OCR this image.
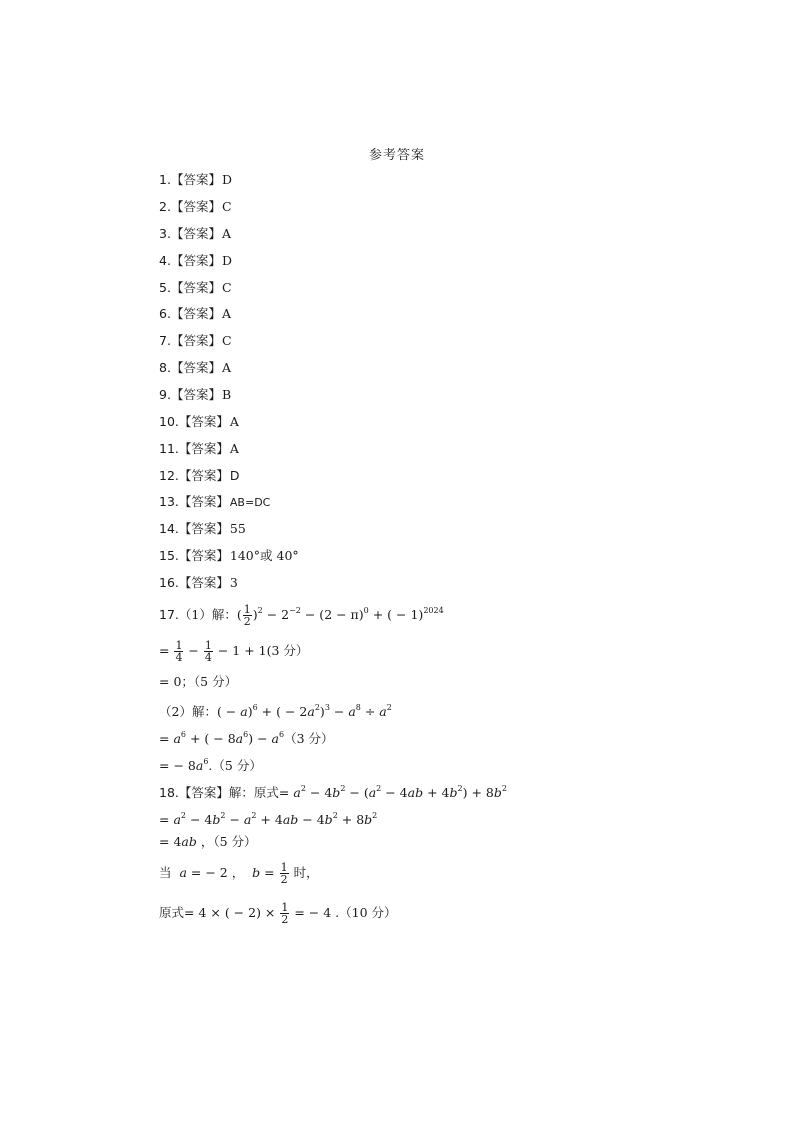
参考答案
1.【答案】D
2.【答案】C
3.【答案】A
4.【答案】D
5.【答案】C
6.【答案】A
7.【答案】C
8.【答案】A
9.【答案】B
10.【答案】A
11.【答案】A
12.【答案】D
13.【答案】AB=DC
14.【答案】55
15.【答案】140°或 40°
16.【答案】3
17.（1）解：( $\frac{1}{2} )^2 - 2^{-2} - (2 - \pi)^0$ + ( − 1)$^{2024}$
= $\frac{1}{4} - \frac{1}{4} - 1 + 1(3$ 分）
= 0；（5 分）
（2）解：( − a)$^6$ + ( − $2a^2)^3 - a^8 \div a^2$
= $a^6$ + ( − $8a^6) - a^6(3$ 分）
= − $8a^6.(5$ 分）
18.【答案】解：原式= $a^2 - 4b^2 - (a^2 - 4ab + 4b^2) + 8b^2$
= $a^2 - 4b^2 - a^2 + 4ab - 4b^2 + 8b^2$
= 4ab ，（5 分）
当 a = − 2 ，  $b = \frac{1}{2}$ 时，
原式= 4 × ( − $2) \times \frac{1}{2}$ = − 4 .（10 分）
